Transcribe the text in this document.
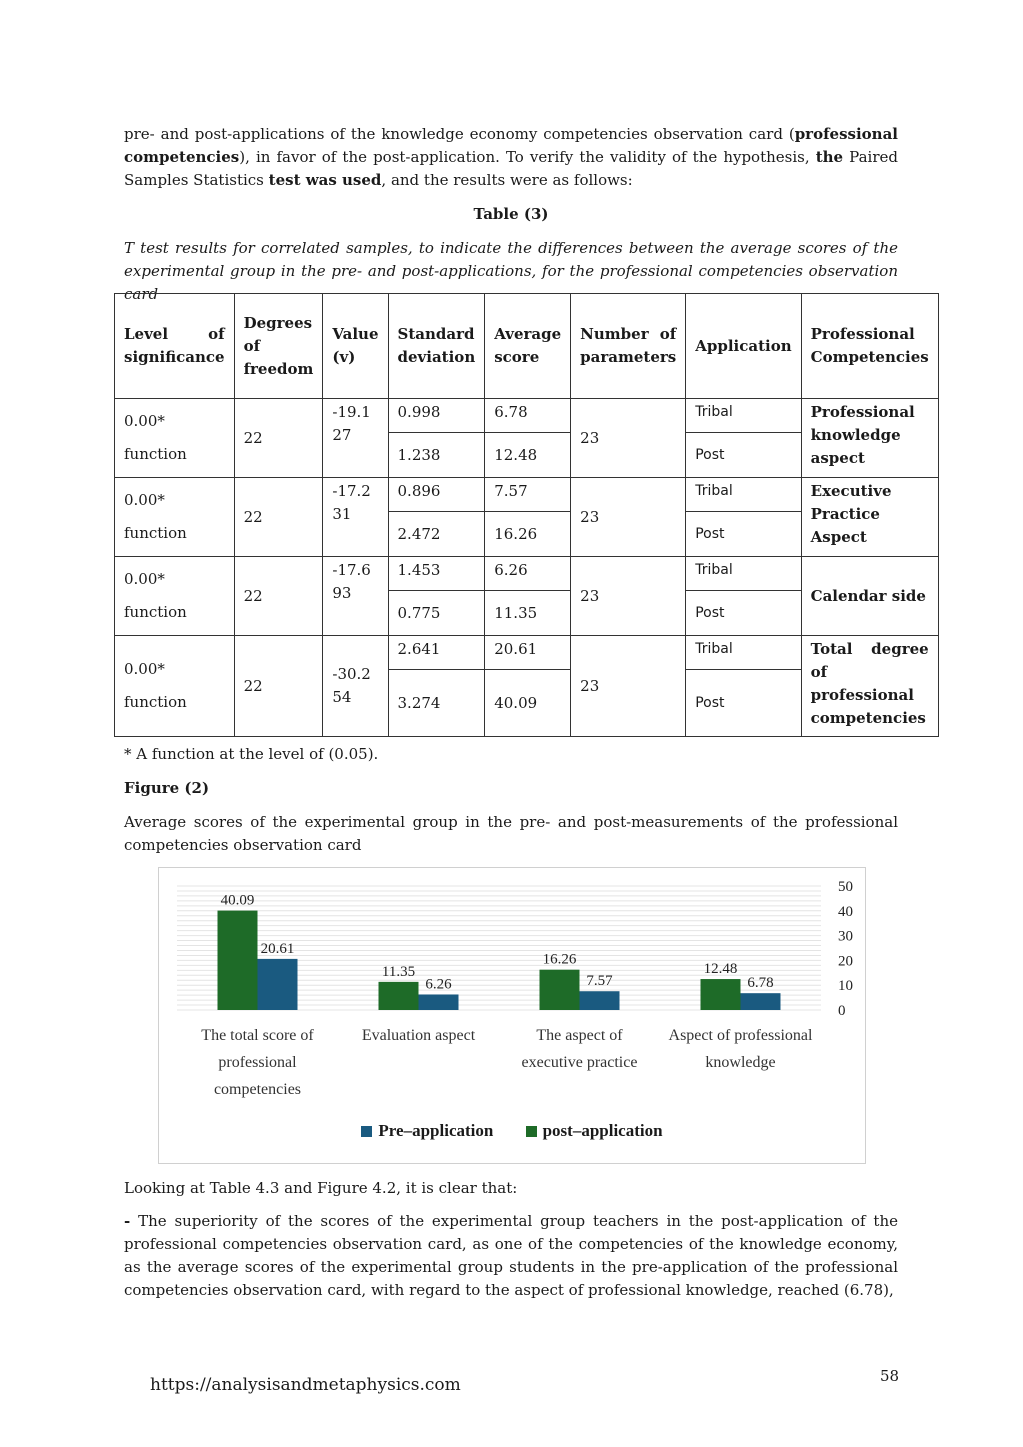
pre- and post-applications of the knowledge economy competencies observation card (professional competencies), in favor of the post-application. To verify the validity of the hypothesis, the Paired Samples Statistics test was used, and the results were as follows:

Table (3)

T test results for correlated samples, to indicate the differences between the average scores of the experimental group in the pre- and post-applications, for the professional competencies observation card

Level of significance	Degrees of freedom	Value (v)	Standard deviation	Average score	Number of parameters	Application	Professional Competencies

0.00*
function	22	-19.127	0.998	6.78	23	Tribal	Professional knowledge aspect
			1.238	12.48		Post	

0.00*
function	22	-17.231	0.896	7.57	23	Tribal	Executive Practice Aspect
			2.472	16.26		Post	

0.00*
function	22	-17.693	1.453	6.26	23	Tribal	Calendar side
			0.775	11.35		Post	

0.00*
function	22	-30.254	2.641	20.61	23	Tribal	Total degree of professional competencies
			3.274	40.09		Post	

* A function at the level of (0.05).

Figure (2)

Average scores of the experimental group in the pre- and post-measurements of the professional competencies observation card

0
10
20
30
40
50
40.09
20.61
The total score of
professional
competencies
11.35
6.26
Evaluation aspect
16.26
7.57
The aspect of
executive practice
12.48
6.78
Aspect of professional
knowledge
Pre–application	post–application

Looking at Table 4.3 and Figure 4.2, it is clear that:

- The superiority of the scores of the experimental group teachers in the post-application of the professional competencies observation card, as one of the competencies of the knowledge economy, as the average scores of the experimental group students in the pre-application of the professional competencies observation card, with regard to the aspect of professional knowledge, reached (6.78),

58
https://analysisandmetaphysics.com
